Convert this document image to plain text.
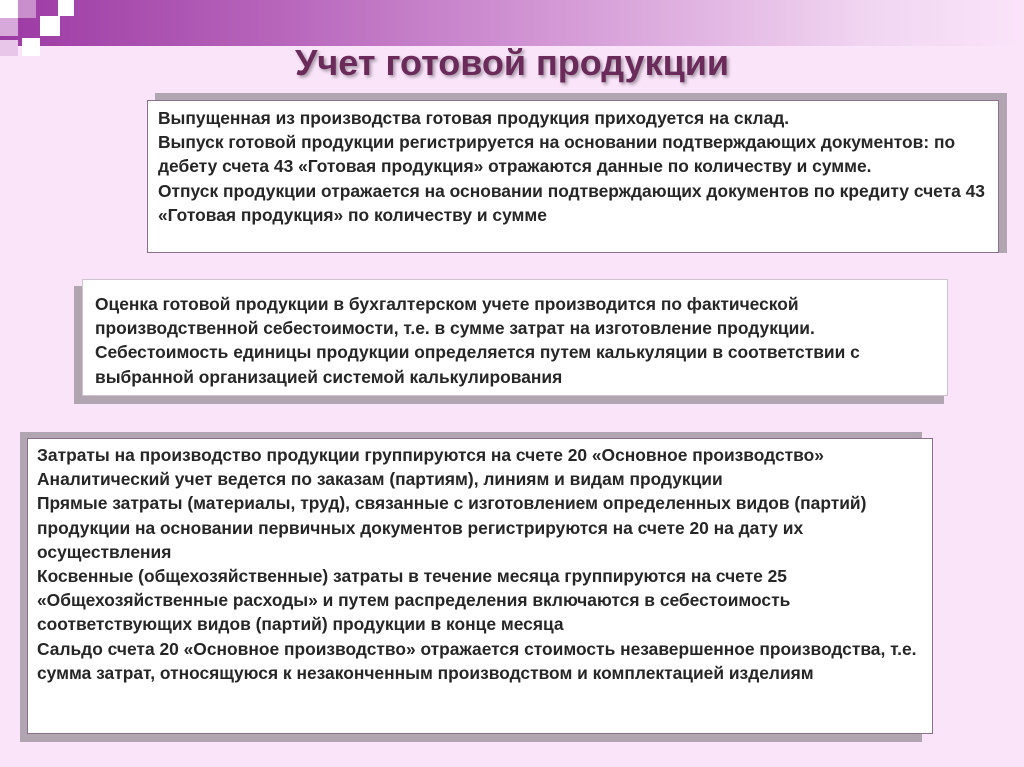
Учет готовой продукции

Выпущенная из производства готовая продукция приходуется на склад.

Выпуск готовой продукции регистрируется на основании подтверждающих документов: по дебету счета 43 «Готовая продукция» отражаются данные по количеству и сумме.

Отпуск продукции отражается на основании подтверждающих документов по кредиту счета 43 «Готовая продукция» по количеству и сумме

Оценка готовой продукции в бухгалтерском учете производится по фактической производственной себестоимости, т.е. в сумме затрат на изготовление продукции.

Себестоимость единицы продукции определяется путем калькуляции в соответствии с выбранной организацией системой калькулирования

Затраты на производство продукции группируются на счете 20 «Основное производство»

Аналитический учет ведется по заказам (партиям), линиям и видам продукции

Прямые затраты (материалы, труд), связанные с изготовлением определенных видов (партий) продукции на основании первичных документов регистрируются на счете 20 на дату их осуществления

Косвенные (общехозяйственные) затраты в течение месяца группируются на счете 25 «Общехозяйственные расходы» и путем распределения включаются в себестоимость соответствующих видов (партий) продукции в конце месяца

Сальдо счета 20 «Основное производство» отражается стоимость незавершенное производства, т.е. сумма затрат, относящуюся к незаконченным производством и комплектацией изделиям
